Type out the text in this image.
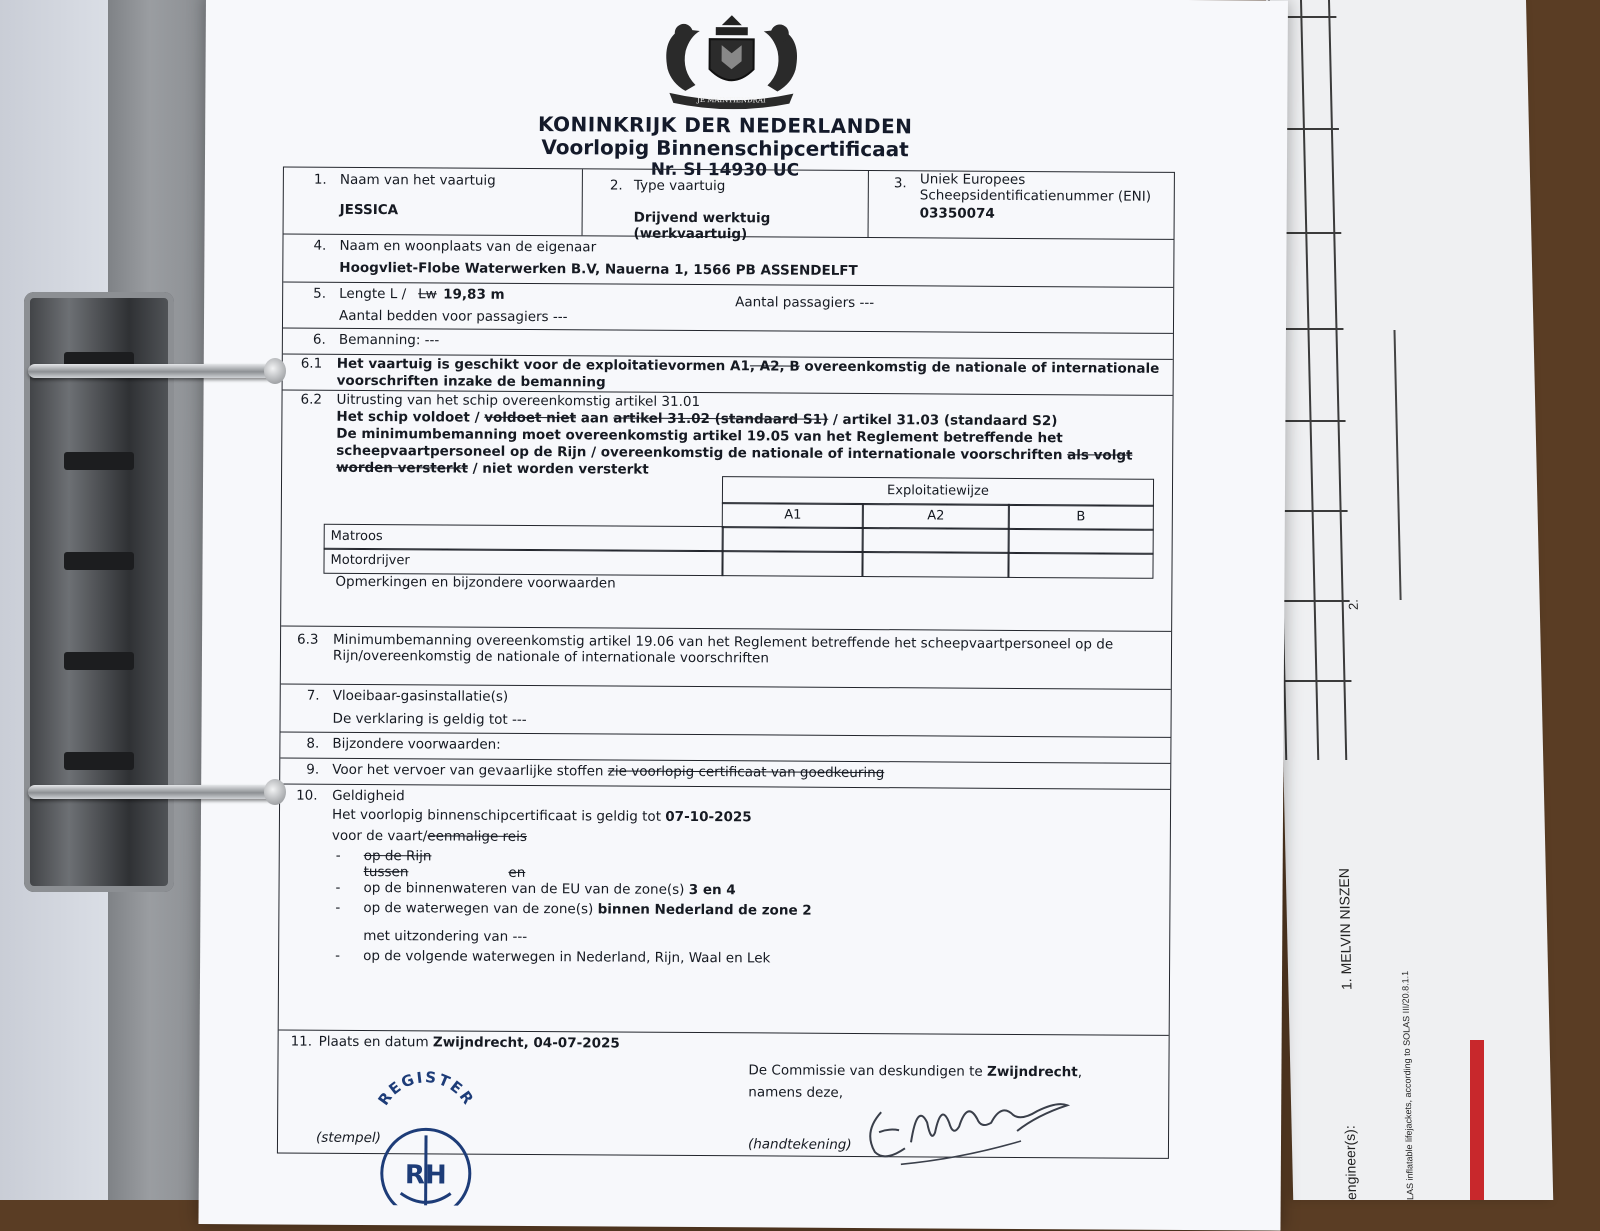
2.
1. MELVIN NISZEN
engineer(s):	LAS inflatable lifejackets, according to SOLAS III/20.8.1.1
JE MAINTIENDRAI
KONINKRIJK DER NEDERLANDEN
Voorlopig Binnenschipcertificaat
Nr. SI 14930 UC
1. Naam van het vaartuig
JESSICA
2. Type vaartuig
Drijvend werktuig
(werkvaartuig)
3. Uniek Europees
Scheepsidentificatienummer (ENI)
03350074
4. Naam en woonplaats van de eigenaar
Hoogvliet-Flobe Waterwerken B.V, Nauerna 1, 1566 PB ASSENDELFT
5. Lengte L / Lw 19,83 m	Aantal passagiers ---
Aantal bedden voor passagiers ---
6. Bemanning: ---
6.1 Het vaartuig is geschikt voor de exploitatievormen A1, A2, B overeenkomstig de nationale of internationale
voorschriften inzake de bemanning
6.2 Uitrusting van het schip overeenkomstig artikel 31.01
Het schip voldoet / voldoet niet aan artikel 31.02 (standaard S1) / artikel 31.03 (standaard S2)
De minimumbemanning moet overeenkomstig artikel 19.05 van het Reglement betreffende het
scheepvaartpersoneel op de Rijn / overeenkomstig de nationale of internationale voorschriften als volgt
worden versterkt / niet worden versterkt
Exploitatiewijze
A1	A2	B
Matroos
Motordrijver
Opmerkingen en bijzondere voorwaarden
6.3 Minimumbemanning overeenkomstig artikel 19.06 van het Reglement betreffende het scheepvaartpersoneel op de
Rijn/overeenkomstig de nationale of internationale voorschriften
7. Vloeibaar-gasinstallatie(s)
De verklaring is geldig tot ---
8. Bijzondere voorwaarden:
9. Voor het vervoer van gevaarlijke stoffen zie voorlopig certificaat van goedkeuring
10. Geldigheid
Het voorlopig binnenschipcertificaat is geldig tot 07-10-2025
voor de vaart/eenmalige reis
- op de Rijn
tussen	en
- op de binnenwateren van de EU van de zone(s) 3 en 4
- op de waterwegen van de zone(s) binnen Nederland de zone 2
met uitzondering van ---
- op de volgende waterwegen in Nederland, Rijn, Waal en Lek
11. Plaats en datum Zwijndrecht, 04-07-2025
De Commissie van deskundigen te Zwijndrecht,
namens deze,
(stempel)	(handtekening)
REGISTER
RH
